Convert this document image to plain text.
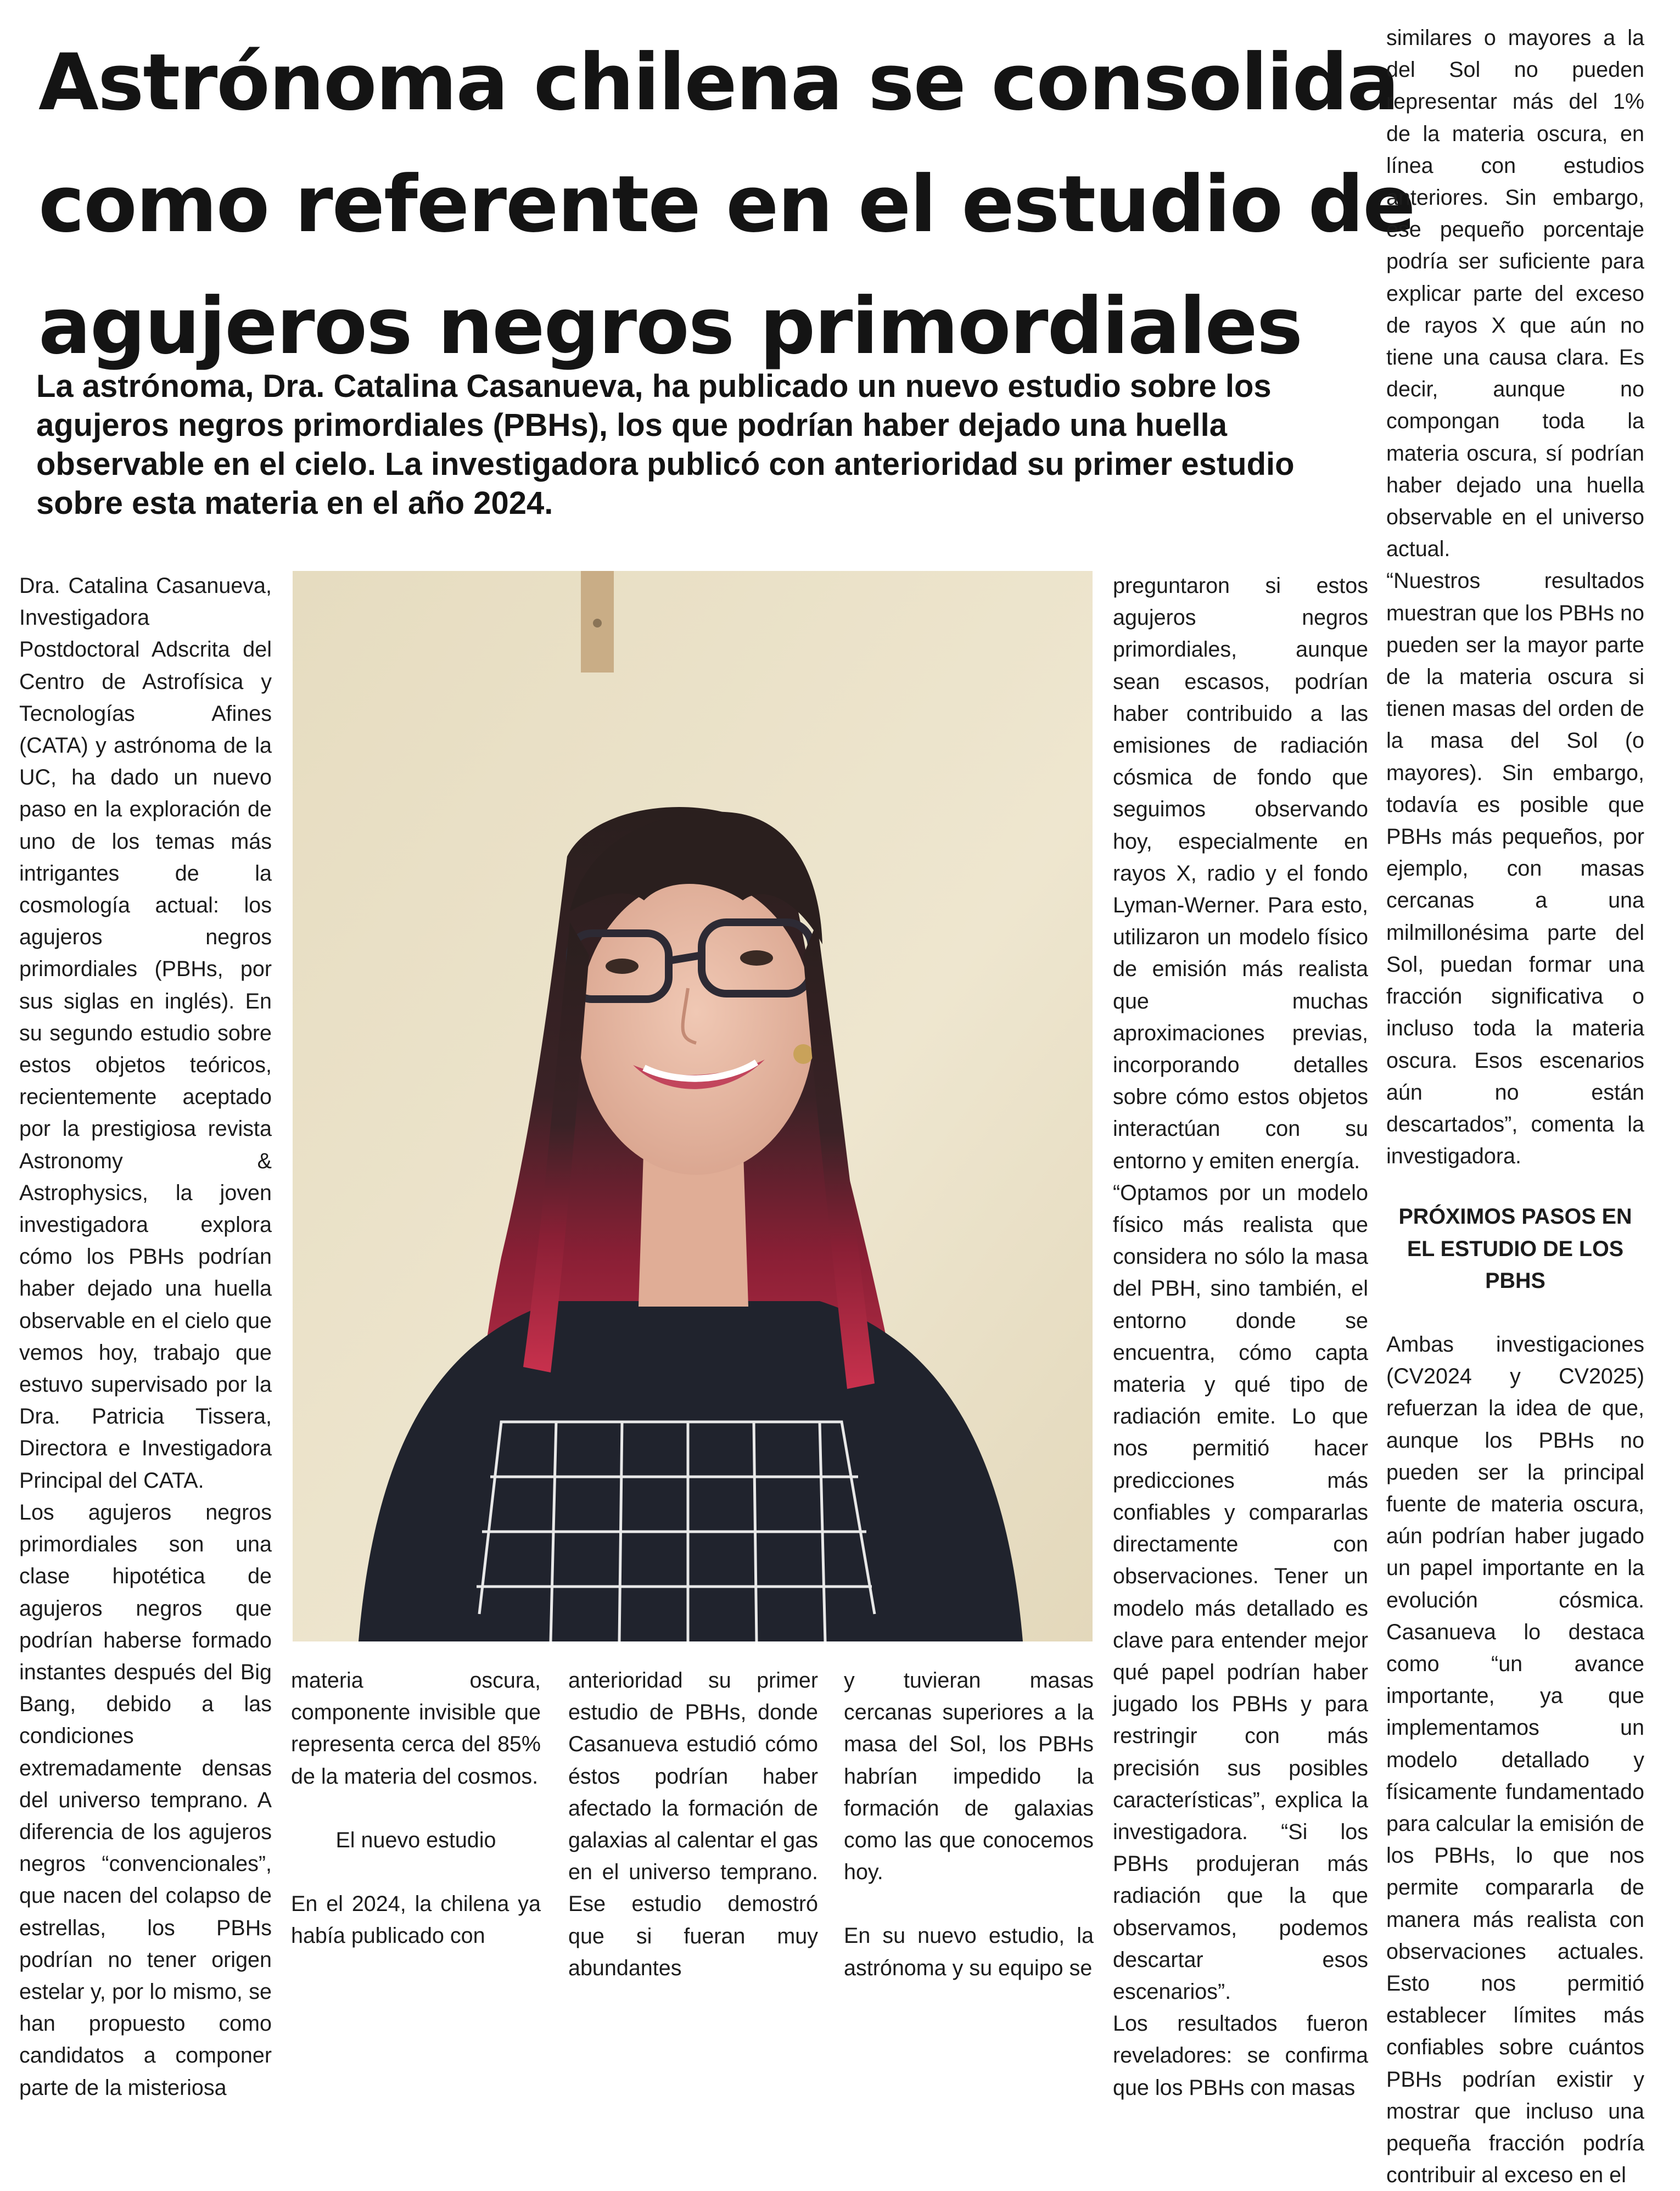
Astrónoma chilena se consolida
como referente en el estudio de
agujeros negros primordiales

La astrónoma, Dra. Catalina Casanueva, ha publicado un nuevo estudio sobre los agujeros negros primordiales (PBHs), los que podrían haber dejado una huella observable en el cielo. La investigadora publicó con anterioridad su primer estudio sobre esta materia en el año 2024.

Dra. Catalina Casanueva, Investigadora Postdoctoral Adscrita del Centro de Astrofísica y Tecnologías Afines (CATA) y astrónoma de la UC, ha dado un nuevo paso en la exploración de uno de los temas más intrigantes de la cosmología actual: los agujeros negros primordiales (PBHs, por sus siglas en inglés). En su segundo estudio sobre estos objetos teóricos, recientemente aceptado por la prestigiosa revista Astronomy & Astrophysics, la joven investigadora explora cómo los PBHs podrían haber dejado una huella observable en el cielo que vemos hoy, trabajo que estuvo supervisado por la Dra. Patricia Tissera, Directora e Investigadora Principal del CATA.

Los agujeros negros primordiales son una clase hipotética de agujeros negros que podrían haberse formado instantes después del Big Bang, debido a las condiciones extremadamente densas del universo temprano. A diferencia de los agujeros negros “convencionales”, que nacen del colapso de estrellas, los PBHs podrían no tener origen estelar y, por lo mismo, se han propuesto como candidatos a componer parte de la misteriosa

materia oscura, componente invisible que representa cerca del 85% de la materia del cosmos.

El nuevo estudio

En el 2024, la chilena ya había publicado con

anterioridad su primer estudio de PBHs, donde Casanueva estudió cómo éstos podrían haber afectado la formación de galaxias al calentar el gas en el universo temprano. Ese estudio demostró que si fueran muy abundantes

y tuvieran masas cercanas superiores a la masa del Sol, los PBHs habrían impedido la formación de galaxias como las que conocemos hoy.

En su nuevo estudio, la astrónoma y su equipo se

preguntaron si estos agujeros negros primordiales, aunque sean escasos, podrían haber contribuido a las emisiones de radiación cósmica de fondo que seguimos observando hoy, especialmente en rayos X, radio y el fondo Lyman-Werner. Para esto, utilizaron un modelo físico de emisión más realista que muchas aproximaciones previas, incorporando detalles sobre cómo estos objetos interactúan con su entorno y emiten energía.

“Optamos por un modelo físico más realista que considera no sólo la masa del PBH, sino también, el entorno donde se encuentra, cómo capta materia y qué tipo de radiación emite. Lo que nos permitió hacer predicciones más confiables y compararlas directamente con observaciones. Tener un modelo más detallado es clave para entender mejor qué papel podrían haber jugado los PBHs y para restringir con más precisión sus posibles características”, explica la investigadora. “Si los PBHs produjeran más radiación que la que observamos, podemos descartar esos escenarios”.

Los resultados fueron reveladores: se confirma que los PBHs con masas

similares o mayores a la del Sol no pueden representar más del 1% de la materia oscura, en línea con estudios anteriores. Sin embargo, ese pequeño porcentaje podría ser suficiente para explicar parte del exceso de rayos X que aún no tiene una causa clara. Es decir, aunque no compongan toda la materia oscura, sí podrían haber dejado una huella observable en el universo actual.

“Nuestros resultados muestran que los PBHs no pueden ser la mayor parte de la materia oscura si tienen masas del orden de la masa del Sol (o mayores). Sin embargo, todavía es posible que PBHs más pequeños, por ejemplo, con masas cercanas a una milmillonésima parte del Sol, puedan formar una fracción significativa o incluso toda la materia oscura. Esos escenarios aún no están descartados”, comenta la investigadora.

PRÓXIMOS PASOS EN EL ESTUDIO DE LOS PBHS

Ambas investigaciones (CV2024 y CV2025) refuerzan la idea de que, aunque los PBHs no pueden ser la principal fuente de materia oscura, aún podrían haber jugado un papel importante en la evolución cósmica. Casanueva lo destaca como “un avance importante, ya que implementamos un modelo detallado y físicamente fundamentado para calcular la emisión de los PBHs, lo que nos permite compararla de manera más realista con observaciones actuales. Esto nos permitió establecer límites más confiables sobre cuántos PBHs podrían existir y mostrar que incluso una pequeña fracción podría contribuir al exceso en el
